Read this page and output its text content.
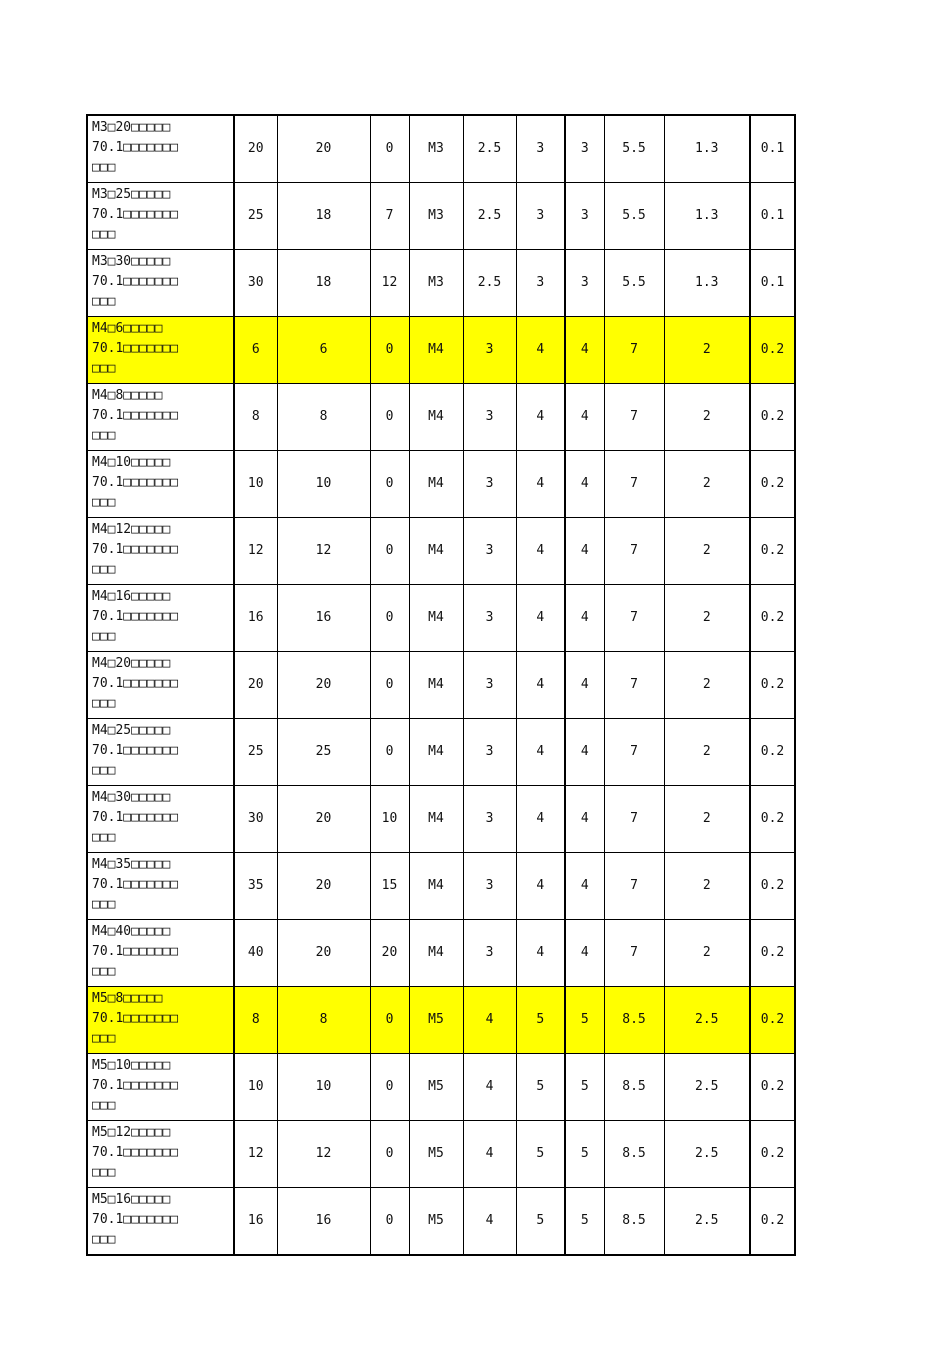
M3□20□□□□□
70.1□□□□□□□
□□□	20	20	0	M3	2.5	3	3	5.5	1.3	0.1

M3□25□□□□□
70.1□□□□□□□
□□□	25	18	7	M3	2.5	3	3	5.5	1.3	0.1

M3□30□□□□□
70.1□□□□□□□
□□□	30	18	12	M3	2.5	3	3	5.5	1.3	0.1

M4□6□□□□□
70.1□□□□□□□
□□□	6	6	0	M4	3	4	4	7	2	0.2

M4□8□□□□□
70.1□□□□□□□
□□□	8	8	0	M4	3	4	4	7	2	0.2

M4□10□□□□□
70.1□□□□□□□
□□□	10	10	0	M4	3	4	4	7	2	0.2

M4□12□□□□□
70.1□□□□□□□
□□□	12	12	0	M4	3	4	4	7	2	0.2

M4□16□□□□□
70.1□□□□□□□
□□□	16	16	0	M4	3	4	4	7	2	0.2

M4□20□□□□□
70.1□□□□□□□
□□□	20	20	0	M4	3	4	4	7	2	0.2

M4□25□□□□□
70.1□□□□□□□
□□□	25	25	0	M4	3	4	4	7	2	0.2

M4□30□□□□□
70.1□□□□□□□
□□□	30	20	10	M4	3	4	4	7	2	0.2

M4□35□□□□□
70.1□□□□□□□
□□□	35	20	15	M4	3	4	4	7	2	0.2

M4□40□□□□□
70.1□□□□□□□
□□□	40	20	20	M4	3	4	4	7	2	0.2

M5□8□□□□□
70.1□□□□□□□
□□□	8	8	0	M5	4	5	5	8.5	2.5	0.2

M5□10□□□□□
70.1□□□□□□□
□□□	10	10	0	M5	4	5	5	8.5	2.5	0.2

M5□12□□□□□
70.1□□□□□□□
□□□	12	12	0	M5	4	5	5	8.5	2.5	0.2

M5□16□□□□□
70.1□□□□□□□
□□□	16	16	0	M5	4	5	5	8.5	2.5	0.2
